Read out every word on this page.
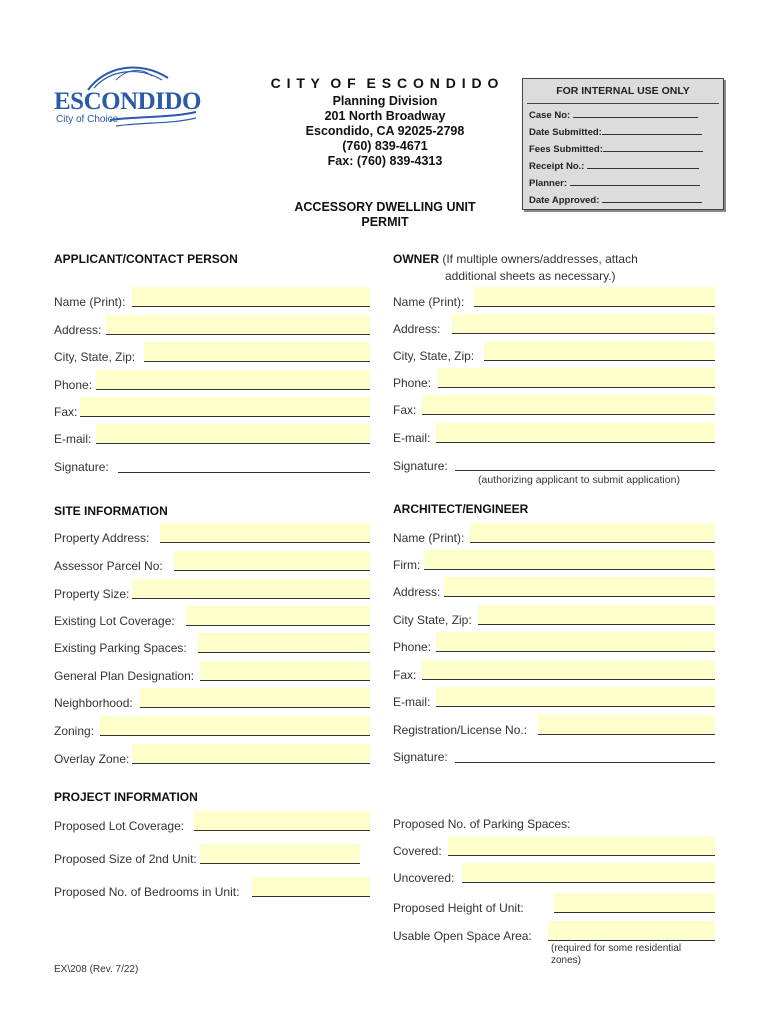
ESCONDIDO
City of Choice
C I T Y  O F  E S C O N D I D O
Planning Division
201 North Broadway
Escondido, CA 92025-2798
(760) 839-4671
Fax: (760) 839-4313
ACCESSORY DWELLING UNIT
PERMIT
FOR INTERNAL USE ONLY
Case No:
Date Submitted:
Fees Submitted:
Receipt No.:
Planner:
Date Approved:
APPLICANT/CONTACT PERSON
Name (Print):
Address:
City, State, Zip:
Phone:
Fax:
E-mail:
Signature:
OWNER (If multiple owners/addresses, attach
additional sheets as necessary.)
Name (Print):
Address:
City, State, Zip:
Phone:
Fax:
E-mail:
Signature:
(authorizing applicant to submit application)
SITE INFORMATION
Property Address:
Assessor Parcel No:
Property Size:
Existing Lot Coverage:
Existing Parking Spaces:
General Plan Designation:
Neighborhood:
Zoning:
Overlay Zone:
ARCHITECT/ENGINEER
Name (Print):
Firm:
Address:
City State, Zip:
Phone:
Fax:
E-mail:
Registration/License No.:
Signature:
PROJECT INFORMATION
Proposed Lot Coverage:
Proposed Size of 2nd Unit:
Proposed No. of Bedrooms in Unit:
Proposed No. of Parking Spaces:
Covered:
Uncovered:
Proposed Height of Unit:
Usable Open Space Area:
(required for some residential
zones)
EX\208 (Rev. 7/22)
